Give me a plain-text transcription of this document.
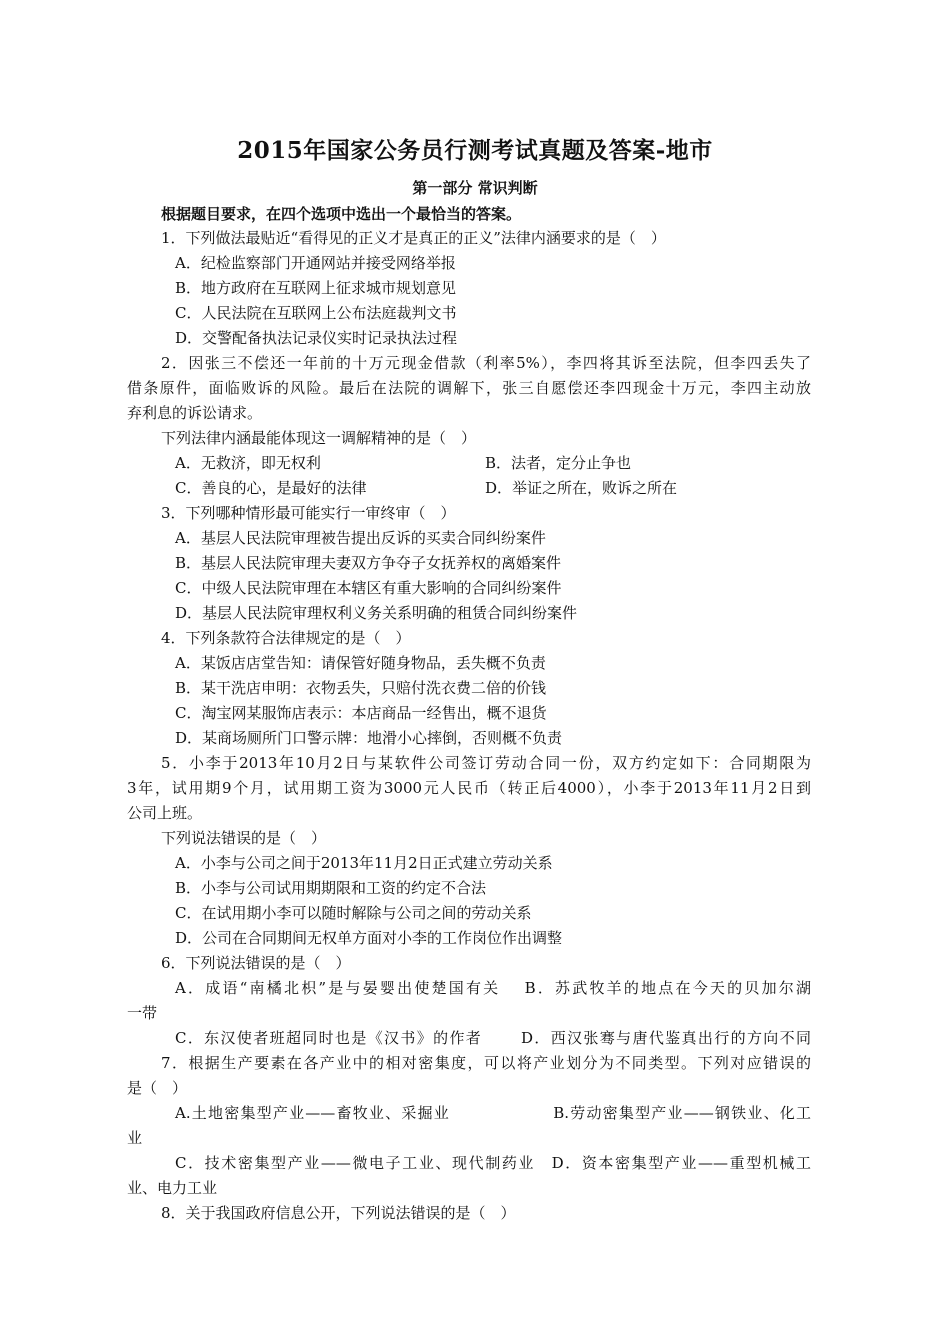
2015年国家公务员行测考试真题及答案-地市
第一部分 常识判断
根据题目要求，在四个选项中选出一个最恰当的答案。
1．下列做法最贴近“看得见的正义才是真正的正义”法律内涵要求的是（　）
A．纪检监察部门开通网站并接受网络举报
B．地方政府在互联网上征求城市规划意见
C．人民法院在互联网上公布法庭裁判文书
D．交警配备执法记录仪实时记录执法过程
2．因张三不偿还一年前的十万元现金借款（利率5%），李四将其诉至法院，但李四丢失了
借条原件，面临败诉的风险。最后在法院的调解下，张三自愿偿还李四现金十万元，李四主动放
弃利息的诉讼请求。
下列法律内涵最能体现这一调解精神的是（　）
A．无救济，即无权利	B．法者，定分止争也
C．善良的心，是最好的法律	D．举证之所在，败诉之所在
3．下列哪种情形最可能实行一审终审（　）
A．基层人民法院审理被告提出反诉的买卖合同纠纷案件
B．基层人民法院审理夫妻双方争夺子女抚养权的离婚案件
C．中级人民法院审理在本辖区有重大影响的合同纠纷案件
D．基层人民法院审理权利义务关系明确的租赁合同纠纷案件
4．下列条款符合法律规定的是（　）
A．某饭店店堂告知：请保管好随身物品，丢失概不负责
B．某干洗店申明：衣物丢失，只赔付洗衣费二倍的价钱
C．淘宝网某服饰店表示：本店商品一经售出，概不退货
D．某商场厕所门口警示牌：地滑小心摔倒，否则概不负责
5．小李于2013年10月2日与某软件公司签订劳动合同一份，双方约定如下：合同期限为
3年，试用期9个月，试用期工资为3000元人民币（转正后4000），小李于2013年11月2日到
公司上班。
下列说法错误的是（　）
A．小李与公司之间于2013年11月2日正式建立劳动关系
B．小李与公司试用期期限和工资的约定不合法
C．在试用期小李可以随时解除与公司之间的劳动关系
D．公司在合同期间无权单方面对小李的工作岗位作出调整
6．下列说法错误的是（　）
A．成语“南橘北枳”是与晏婴出使楚国有关　 B．苏武牧羊的地点在今天的贝加尔湖
一带
C．东汉使者班超同时也是《汉书》的作者　　 D．西汉张骞与唐代鉴真出行的方向不同
7．根据生产要素在各产业中的相对密集度，可以将产业划分为不同类型。下列对应错误的
是（　）
A.土地密集型产业——畜牧业、采掘业　　　　　　 B.劳动密集型产业——钢铁业、化工
业
C．技术密集型产业——微电子工业、现代制药业　D．资本密集型产业——重型机械工
业、电力工业
8．关于我国政府信息公开，下列说法错误的是（　）
